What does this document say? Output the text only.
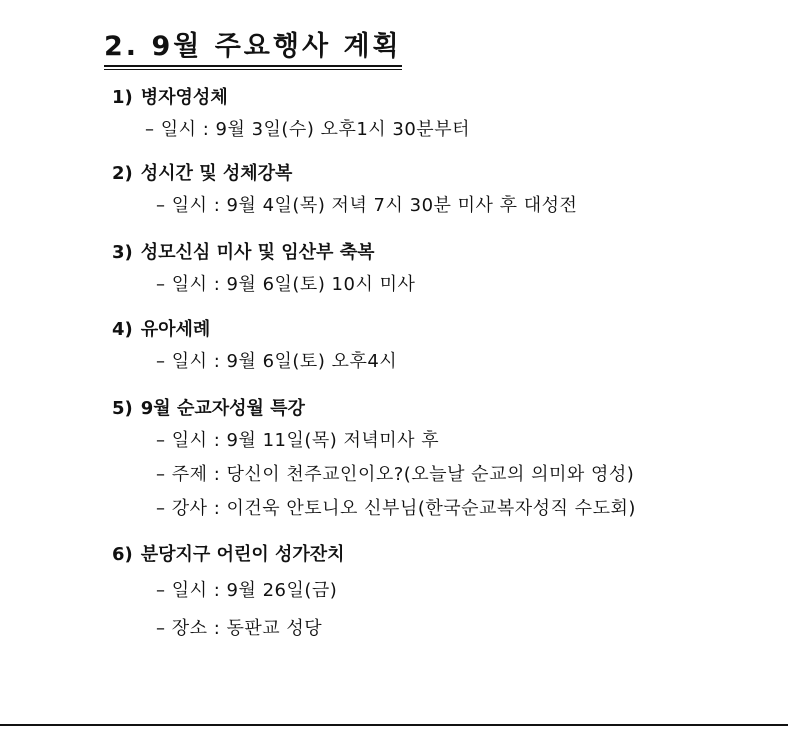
2. 9월 주요행사 계획
1) 병자영성체
– 일시 : 9월 3일(수) 오후1시 30분부터
2) 성시간 및 성체강복
– 일시 : 9월 4일(목) 저녁 7시 30분 미사 후 대성전
3) 성모신심 미사 및 임산부 축복
– 일시 : 9월 6일(토) 10시 미사
4) 유아세례
– 일시 : 9월 6일(토) 오후4시
5) 9월 순교자성월 특강
– 일시 : 9월 11일(목) 저녁미사 후
– 주제 : 당신이 천주교인이오?(오늘날 순교의 의미와 영성)
– 강사 : 이건욱 안토니오 신부님(한국순교복자성직 수도회)
6) 분당지구 어린이 성가잔치
– 일시 : 9월 26일(금)
– 장소 : 동판교 성당
